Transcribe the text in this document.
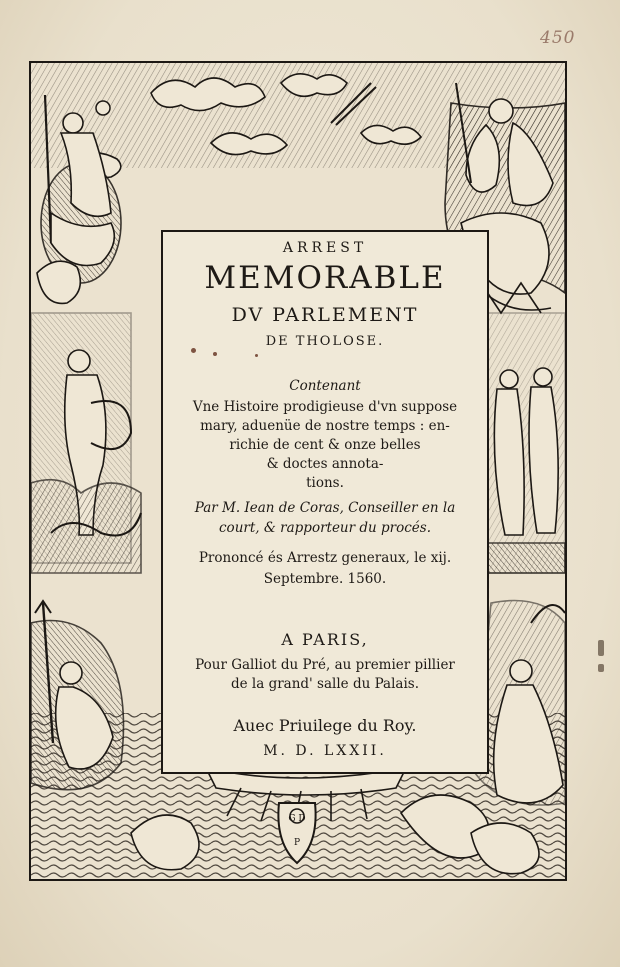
450
G D
P
ARREST
MEMORABLE
DV PARLEMENT
DE THOLOSE.
Contenant
Vne Histoire prodigieuse d'vn suppose
mary, aduenüe de nostre temps : en-
richie de cent & onze belles
& doctes annota-
tions.
Par M. Iean de Coras, Conseiller en la
court, & rapporteur du procés.
Prononcé és Arrestz generaux, le xij.
Septembre. 1560.
A PARIS,
Pour Galliot du Pré, au premier pillier
de la grand' salle du Palais.
Auec Priuilege du Roy.
M. D. LXXII.
